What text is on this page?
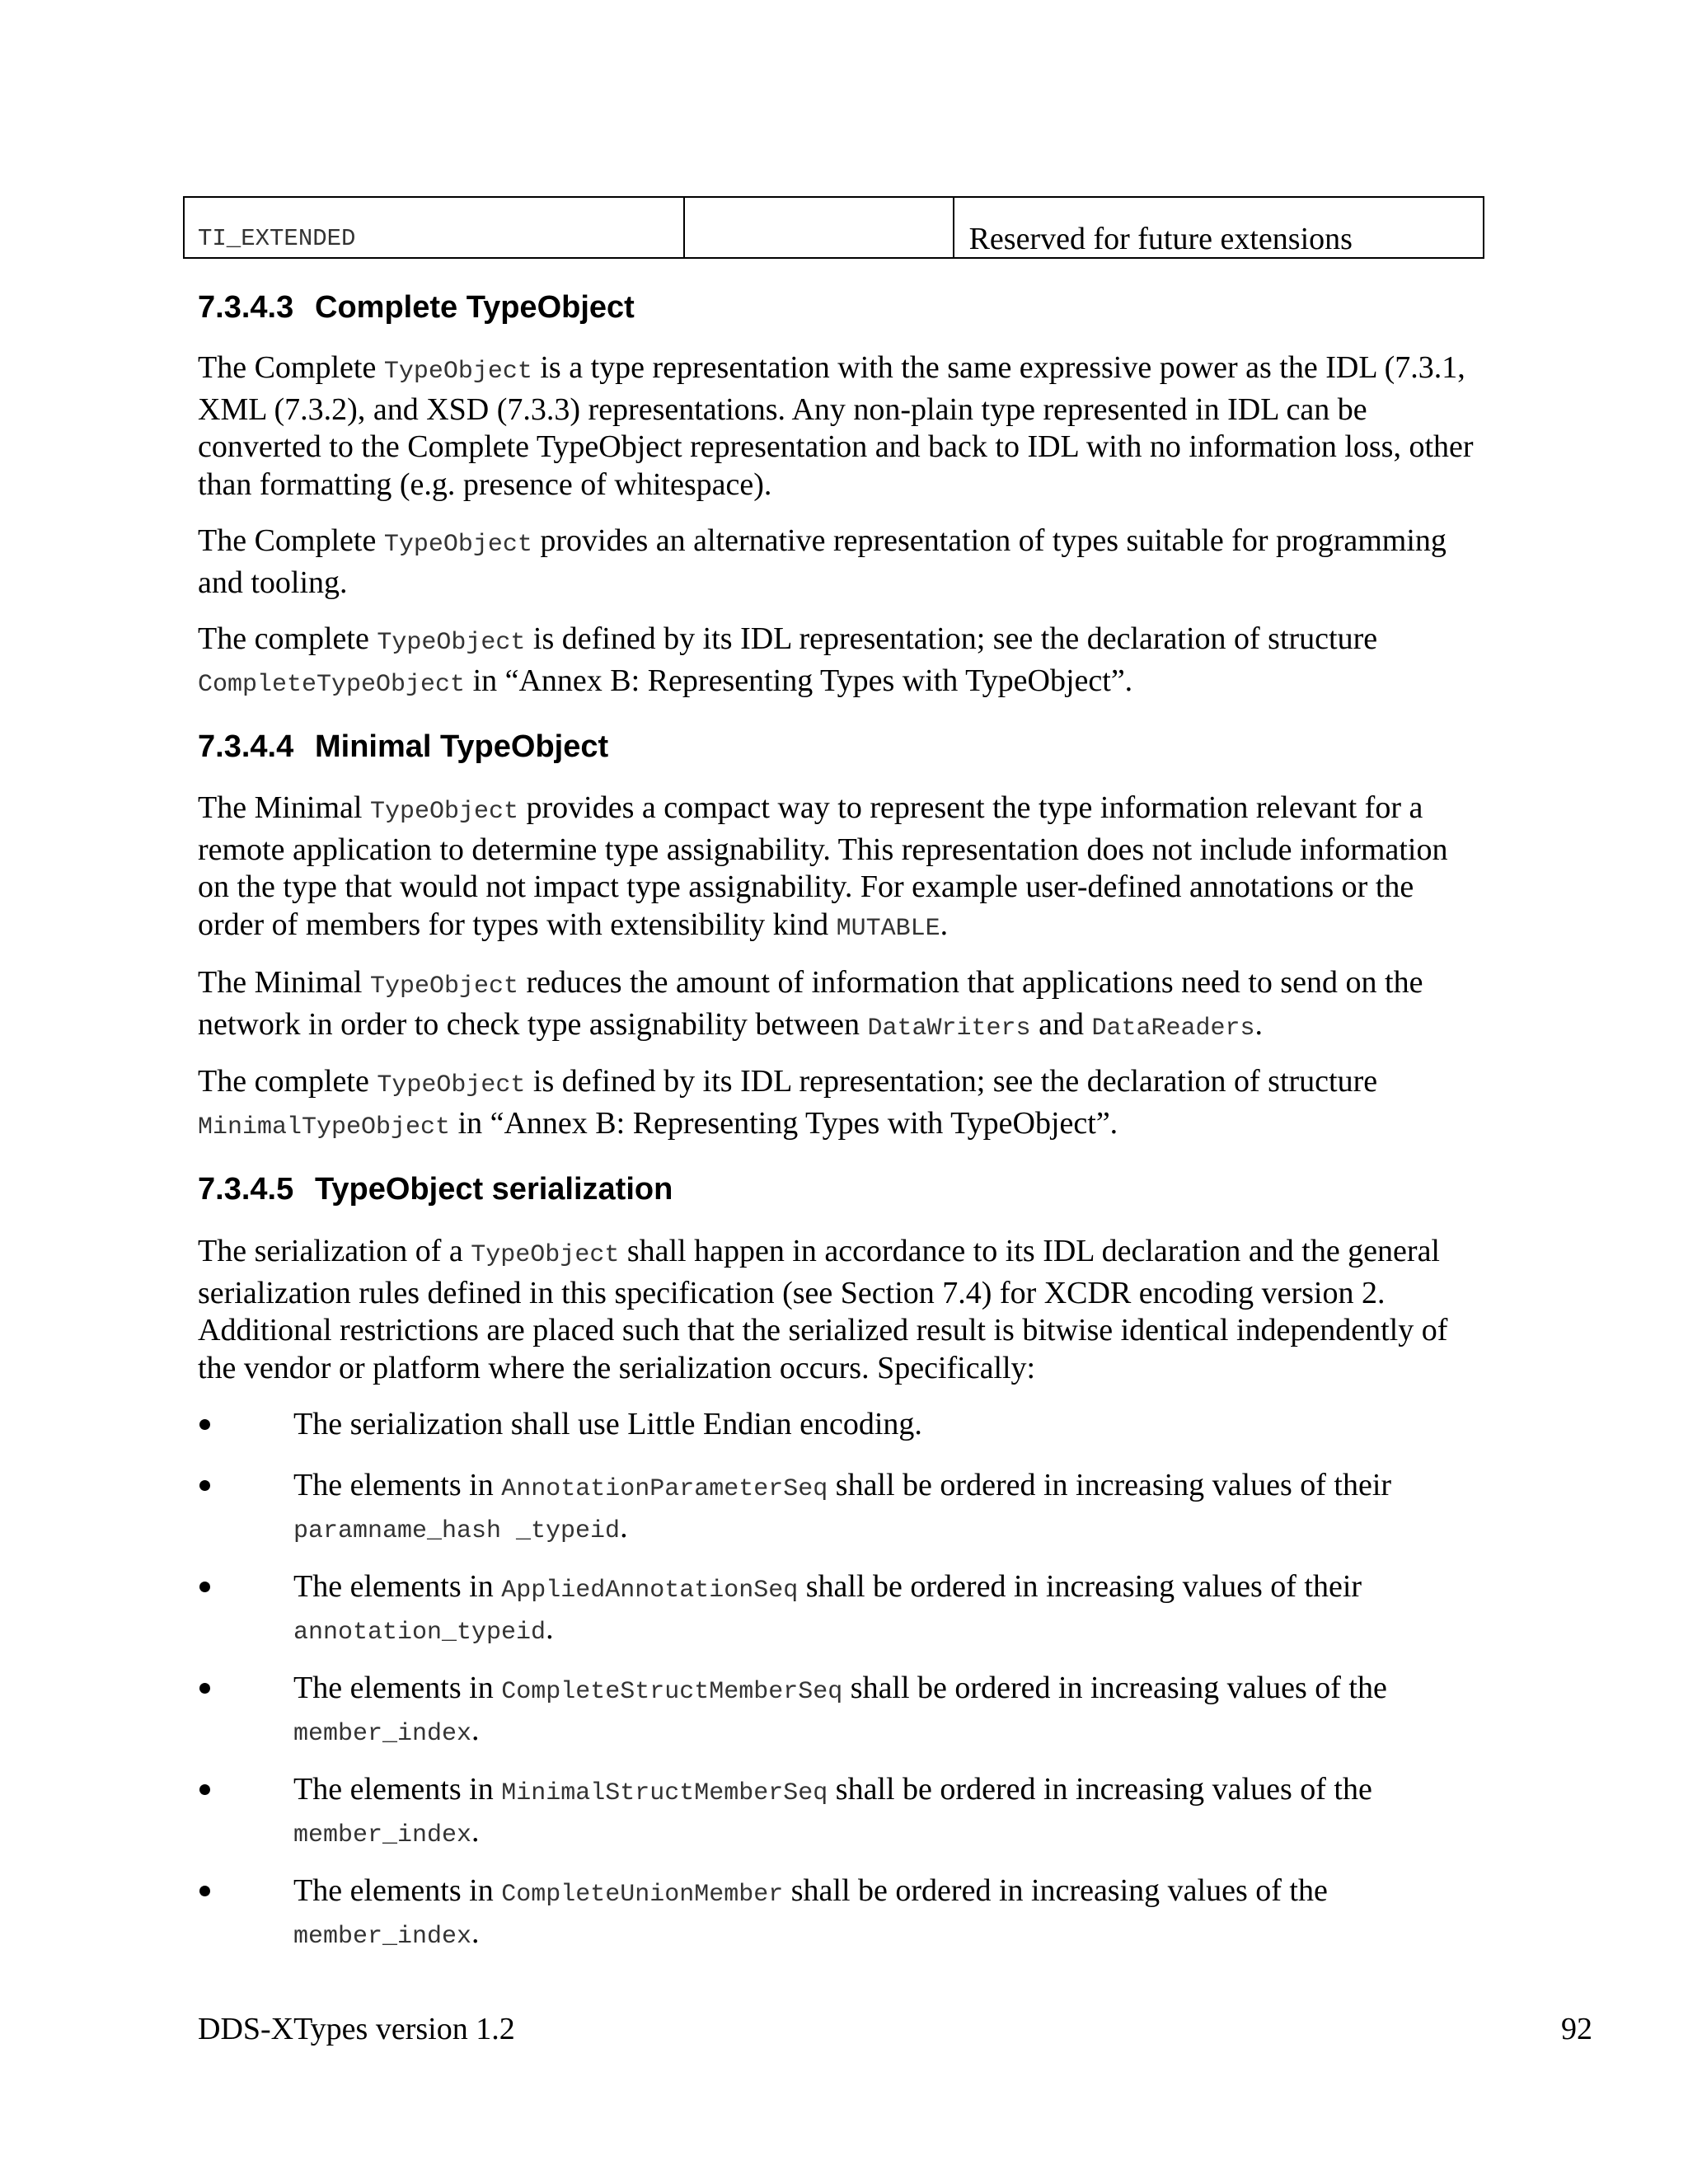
TI_EXTENDED		Reserved for future extensions
7.3.4.3 Complete TypeObject

The Complete TypeObject is a type representation with the same expressive power as the IDL (7.3.1, XML (7.3.2), and XSD (7.3.3) representations. Any non-plain type represented in IDL can be converted to the Complete TypeObject representation and back to IDL with no information loss, other than formatting (e.g. presence of whitespace).

The Complete TypeObject provides an alternative representation of types suitable for programming and tooling.

The complete TypeObject is defined by its IDL representation; see the declaration of structure CompleteTypeObject in “Annex B: Representing Types with TypeObject”.

7.3.4.4 Minimal TypeObject

The Minimal TypeObject provides a compact way to represent the type information relevant for a remote application to determine type assignability. This representation does not include information on the type that would not impact type assignability. For example user-defined annotations or the order of members for types with extensibility kind MUTABLE.

The Minimal TypeObject reduces the amount of information that applications need to send on the network in order to check type assignability between DataWriters and DataReaders.

The complete TypeObject is defined by its IDL representation; see the declaration of structure MinimalTypeObject in “Annex B: Representing Types with TypeObject”.

7.3.4.5 TypeObject serialization

The serialization of a TypeObject shall happen in accordance to its IDL declaration and the general serialization rules defined in this specification (see Section 7.4) for XCDR encoding version 2. Additional restrictions are placed such that the serialized result is bitwise identical independently of the vendor or platform where the serialization occurs. Specifically:

The serialization shall use Little Endian encoding.
The elements in AnnotationParameterSeq shall be ordered in increasing values of their paramname_hash _typeid.
The elements in AppliedAnnotationSeq shall be ordered in increasing values of their annotation_typeid.
The elements in CompleteStructMemberSeq shall be ordered in increasing values of the member_index.
The elements in MinimalStructMemberSeq shall be ordered in increasing values of the member_index.
The elements in CompleteUnionMember shall be ordered in increasing values of the member_index.
DDS-XTypes version 1.2	92
